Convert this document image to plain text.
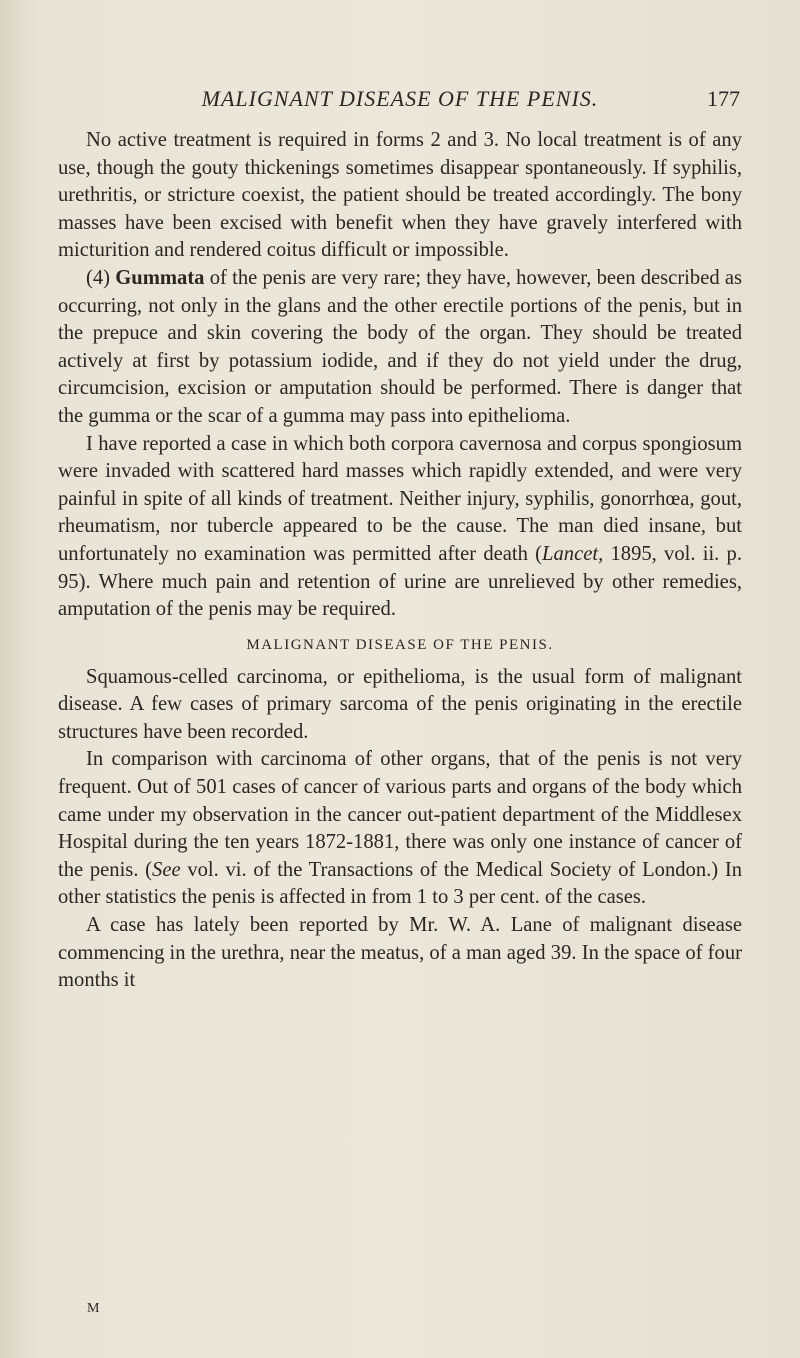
MALIGNANT DISEASE OF THE PENIS.	177

No active treatment is required in forms 2 and 3. No local treatment is of any use, though the gouty thickenings sometimes disappear spontaneously. If syphilis, urethritis, or stricture coexist, the patient should be treated accordingly. The bony masses have been excised with benefit when they have gravely interfered with micturition and rendered coitus difficult or impossible.

(4) Gummata of the penis are very rare; they have, however, been described as occurring, not only in the glans and the other erectile portions of the penis, but in the prepuce and skin covering the body of the organ. They should be treated actively at first by potassium iodide, and if they do not yield under the drug, circumcision, excision or amputation should be performed. There is danger that the gumma or the scar of a gumma may pass into epithelioma.

I have reported a case in which both corpora cavernosa and corpus spongiosum were invaded with scattered hard masses which rapidly extended, and were very painful in spite of all kinds of treatment. Neither injury, syphilis, gonorrhœa, gout, rheumatism, nor tubercle appeared to be the cause. The man died insane, but unfortunately no examination was permitted after death (Lancet, 1895, vol. ii. p. 95). Where much pain and retention of urine are unrelieved by other remedies, amputation of the penis may be required.

MALIGNANT DISEASE OF THE PENIS.

Squamous-celled carcinoma, or epithelioma, is the usual form of malignant disease. A few cases of primary sarcoma of the penis originating in the erectile structures have been recorded.

In comparison with carcinoma of other organs, that of the penis is not very frequent. Out of 501 cases of cancer of various parts and organs of the body which came under my observation in the cancer out-patient department of the Middlesex Hospital during the ten years 1872-1881, there was only one instance of cancer of the penis. (See vol. vi. of the Transactions of the Medical Society of London.) In other statistics the penis is affected in from 1 to 3 per cent. of the cases.

A case has lately been reported by Mr. W. A. Lane of malignant disease commencing in the urethra, near the meatus, of a man aged 39. In the space of four months it

M
